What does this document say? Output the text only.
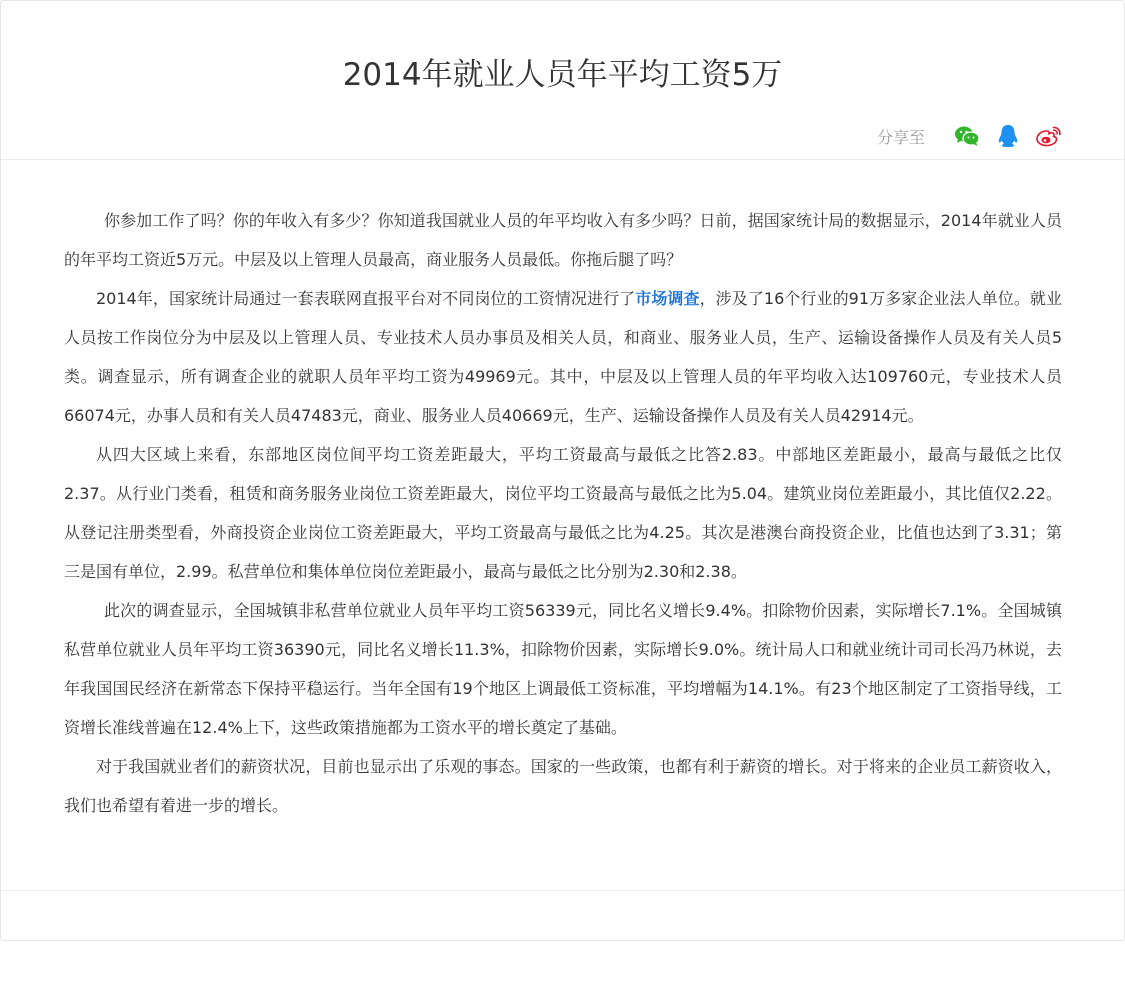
2014年就业人员年平均工资5万
分享至

你参加工作了吗？你的年收入有多少？你知道我国就业人员的年平均收入有多少吗？日前，据国家统计局的数据显示，2014年就业人员的年平均工资近5万元。中层及以上管理人员最高，商业服务人员最低。你拖后腿了吗？

2014年，国家统计局通过一套表联网直报平台对不同岗位的工资情况进行了市场调查，涉及了16个行业的91万多家企业法人单位。就业人员按工作岗位分为中层及以上管理人员、专业技术人员办事员及相关人员，和商业、服务业人员，生产、运输设备操作人员及有关人员5类。调查显示，所有调查企业的就职人员年平均工资为49969元。其中，中层及以上管理人员的年平均收入达109760元，专业技术人员66074元，办事人员和有关人员47483元，商业、服务业人员40669元，生产、运输设备操作人员及有关人员42914元。

从四大区域上来看，东部地区岗位间平均工资差距最大，平均工资最高与最低之比答2.83。中部地区差距最小，最高与最低之比仅2.37。从行业门类看，租赁和商务服务业岗位工资差距最大，岗位平均工资最高与最低之比为5.04。建筑业岗位差距最小，其比值仅2.22。从登记注册类型看，外商投资企业岗位工资差距最大，平均工资最高与最低之比为4.25。其次是港澳台商投资企业，比值也达到了3.31；第三是国有单位，2.99。私营单位和集体单位岗位差距最小，最高与最低之比分别为2.30和2.38。

此次的调查显示，全国城镇非私营单位就业人员年平均工资56339元，同比名义增长9.4%。扣除物价因素，实际增长7.1%。全国城镇私营单位就业人员年平均工资36390元，同比名义增长11.3%，扣除物价因素，实际增长9.0%。统计局人口和就业统计司司长冯乃林说，去年我国国民经济在新常态下保持平稳运行。当年全国有19个地区上调最低工资标准，平均增幅为14.1%。有23个地区制定了工资指导线，工资增长准线普遍在12.4%上下，这些政策措施都为工资水平的增长奠定了基础。

对于我国就业者们的薪资状况，目前也显示出了乐观的事态。国家的一些政策，也都有利于薪资的增长。对于将来的企业员工薪资收入，我们也希望有着进一步的增长。
